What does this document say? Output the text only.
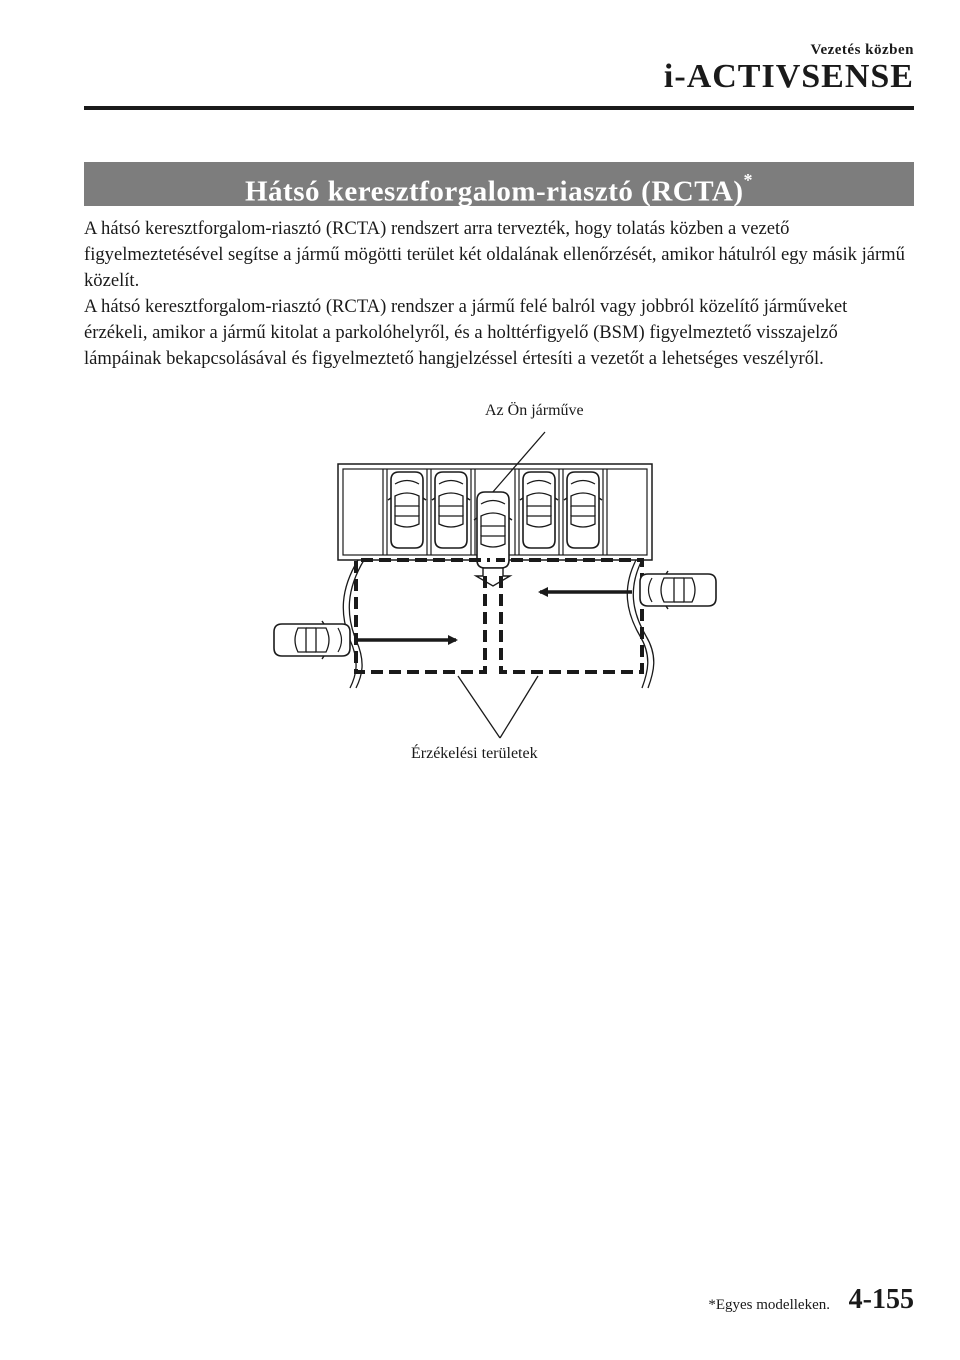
Vezetés közben
i-ACTIVSENSE
Hátsó keresztforgalom-riasztó (RCTA)*

A hátsó keresztforgalom-riasztó (RCTA) rendszert arra tervezték, hogy tolatás közben a vezető figyelmeztetésével segítse a jármű mögötti terület két oldalának ellenőrzését, amikor hátulról egy másik jármű közelít.

A hátsó keresztforgalom-riasztó (RCTA) rendszer a jármű felé balról vagy jobbról közelítő járműveket érzékeli, amikor a jármű kitolat a parkolóhelyről, és a holttérfigyelő (BSM) figyelmeztető visszajelző lámpáinak bekapcsolásával és figyelmeztető hangjelzéssel értesíti a vezetőt a lehetséges veszélyről.

Az Ön járműve
Érzékelési területek
*Egyes modelleken. 4-155
